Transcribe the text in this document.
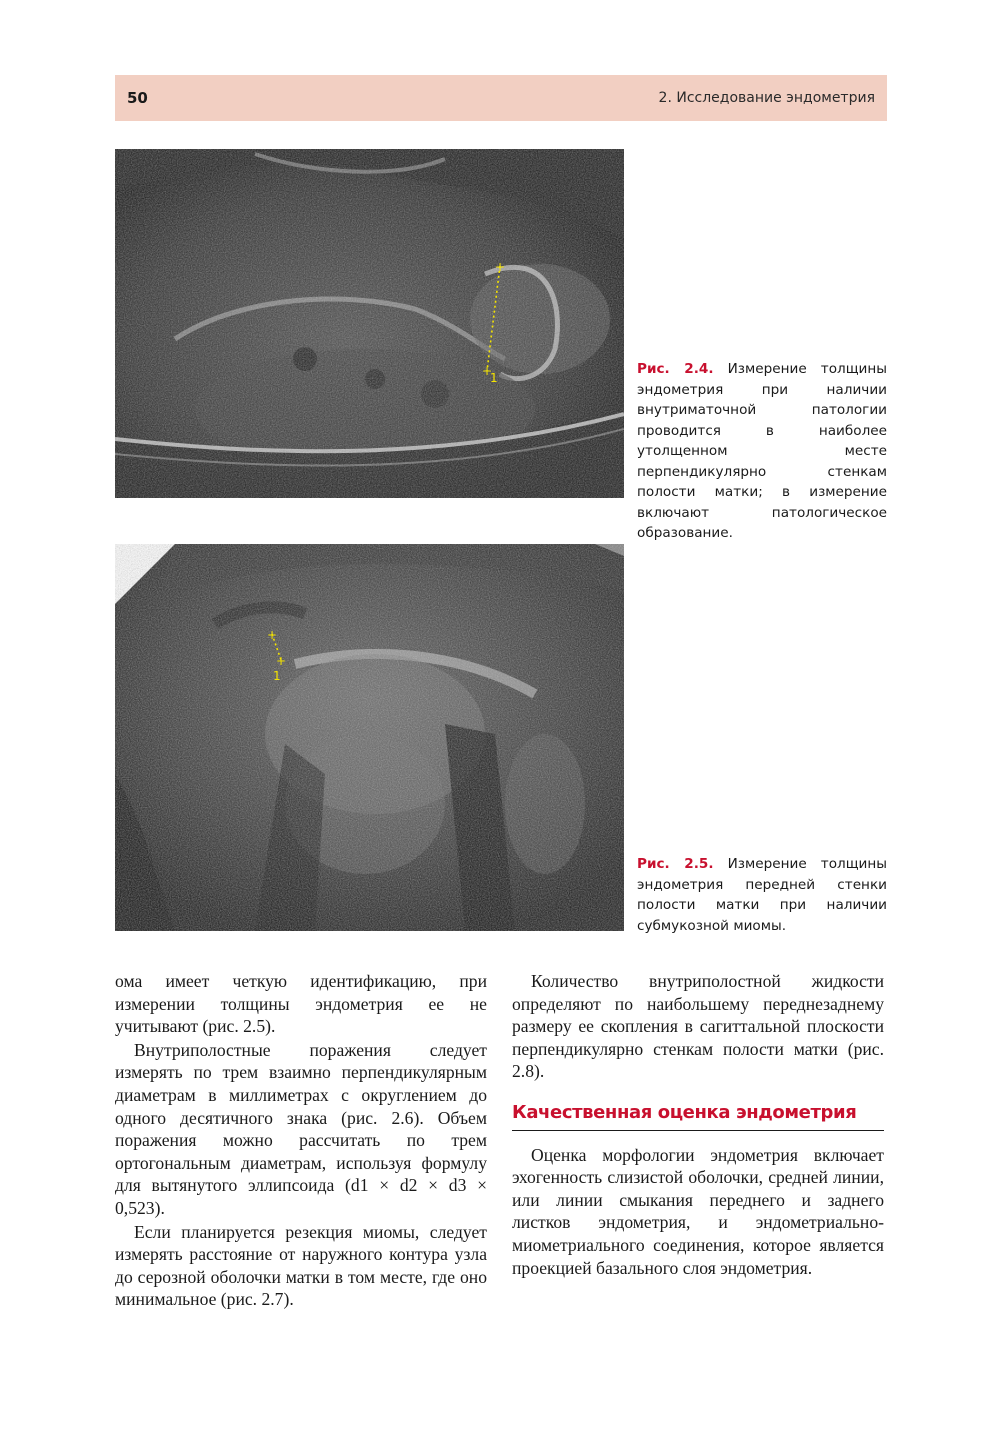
50	2. Исследование эндометрия
+
+
1
Рис. 2.4. Измерение толщины эндометрия при наличии внутриматочной патологии проводится в наиболее утолщенном месте перпендикулярно стенкам полости матки; в измерение включают патологическое образование.
+
+
1
Рис. 2.5. Измерение толщины эндометрия передней стенки полости матки при наличии субмукозной миомы.

ома имеет четкую идентификацию, при измерении толщины эндометрия ее не учитывают (рис. 2.5).

Внутриполостные поражения следует измерять по трем взаимно перпендикулярным диаметрам в миллиметрах с округлением до одного десятичного знака (рис. 2.6). Объем поражения можно рассчитать по трем ортогональным диаметрам, используя формулу для вытянутого эллипсоида (d1 × d2 × d3 × 0,523).

Если планируется резекция миомы, следует измерять расстояние от наружного контура узла до серозной оболочки матки в том месте, где оно минимальное (рис. 2.7).

Количество внутриполостной жидкости определяют по наибольшему переднезаднему размеру ее скопления в сагиттальной плоскости перпендикулярно стенкам полости матки (рис. 2.8).

Качественная оценка эндометрия

Оценка морфологии эндометрия включает эхогенность слизистой оболочки, средней линии, или линии смыкания переднего и заднего листков эндометрия, и эндометриально-миометриального соединения, которое является проекцией базального слоя эндометрия.
